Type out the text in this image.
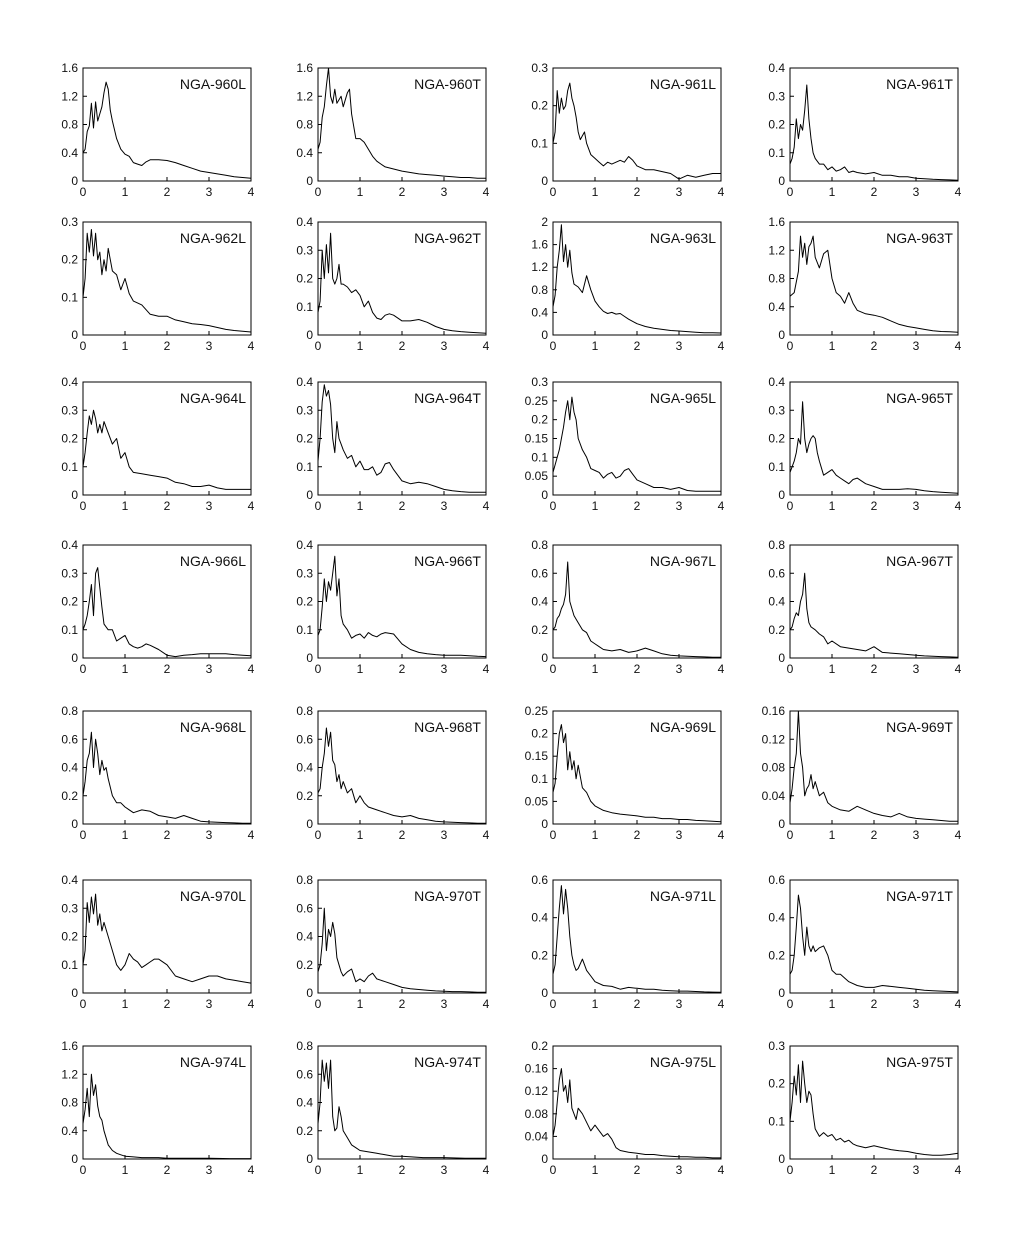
0	1	2	3	4
0
0.4
0.8
1.2
1.6
NGA-960L
0	1	2	3	4
0
0.4
0.8
1.2
1.6
NGA-960T
0	1	2	3	4
0
0.1
0.2
0.3
NGA-961L
0	1	2	3	4
0
0.1
0.2
0.3
0.4
NGA-961T
0	1	2	3	4
0
0.1
0.2
0.3
NGA-962L
0	1	2	3	4
0
0.1
0.2
0.3
0.4
NGA-962T
0	1	2	3	4
0
0.4
0.8
1.2
1.6
2
NGA-963L
0	1	2	3	4
0
0.4
0.8
1.2
1.6
NGA-963T
0	1	2	3	4
0
0.1
0.2
0.3
0.4
NGA-964L
0	1	2	3	4
0
0.1
0.2
0.3
0.4
NGA-964T
0	1	2	3	4
0
0.05
0.1
0.15
0.2
0.25
0.3
NGA-965L
0	1	2	3	4
0
0.1
0.2
0.3
0.4
NGA-965T
0	1	2	3	4
0
0.1
0.2
0.3
0.4
NGA-966L
0	1	2	3	4
0
0.1
0.2
0.3
0.4
NGA-966T
0	1	2	3	4
0
0.2
0.4
0.6
0.8
NGA-967L
0	1	2	3	4
0
0.2
0.4
0.6
0.8
NGA-967T
0	1	2	3	4
0
0.2
0.4
0.6
0.8
NGA-968L
0	1	2	3	4
0
0.2
0.4
0.6
0.8
NGA-968T
0	1	2	3	4
0
0.05
0.1
0.15
0.2
0.25
NGA-969L
0	1	2	3	4
0
0.04
0.08
0.12
0.16
NGA-969T
0	1	2	3	4
0
0.1
0.2
0.3
0.4
NGA-970L
0	1	2	3	4
0
0.2
0.4
0.6
0.8
NGA-970T
0	1	2	3	4
0
0.2
0.4
0.6
NGA-971L
0	1	2	3	4
0
0.2
0.4
0.6
NGA-971T
0	1	2	3	4
0
0.4
0.8
1.2
1.6
NGA-974L
0	1	2	3	4
0
0.2
0.4
0.6
0.8
NGA-974T
0	1	2	3	4
0
0.04
0.08
0.12
0.16
0.2
NGA-975L
0	1	2	3	4
0
0.1
0.2
0.3
NGA-975T
